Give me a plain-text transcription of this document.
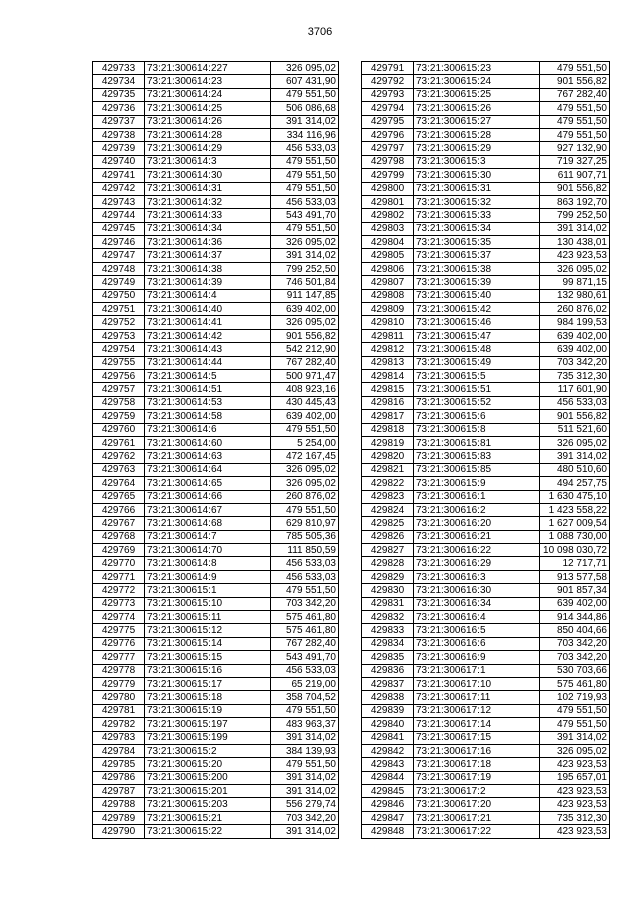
3706
429733	73:21:300614:227	326 095,02
429734	73:21:300614:23	607 431,90
429735	73:21:300614:24	479 551,50
429736	73:21:300614:25	506 086,68
429737	73:21:300614:26	391 314,02
429738	73:21:300614:28	334 116,96
429739	73:21:300614:29	456 533,03
429740	73:21:300614:3	479 551,50
429741	73:21:300614:30	479 551,50
429742	73:21:300614:31	479 551,50
429743	73:21:300614:32	456 533,03
429744	73:21:300614:33	543 491,70
429745	73:21:300614:34	479 551,50
429746	73:21:300614:36	326 095,02
429747	73:21:300614:37	391 314,02
429748	73:21:300614:38	799 252,50
429749	73:21:300614:39	746 501,84
429750	73:21:300614:4	911 147,85
429751	73:21:300614:40	639 402,00
429752	73:21:300614:41	326 095,02
429753	73:21:300614:42	901 556,82
429754	73:21:300614:43	542 212,90
429755	73:21:300614:44	767 282,40
429756	73:21:300614:5	500 971,47
429757	73:21:300614:51	408 923,16
429758	73:21:300614:53	430 445,43
429759	73:21:300614:58	639 402,00
429760	73:21:300614:6	479 551,50
429761	73:21:300614:60	5 254,00
429762	73:21:300614:63	472 167,45
429763	73:21:300614:64	326 095,02
429764	73:21:300614:65	326 095,02
429765	73:21:300614:66	260 876,02
429766	73:21:300614:67	479 551,50
429767	73:21:300614:68	629 810,97
429768	73:21:300614:7	785 505,36
429769	73:21:300614:70	111 850,59
429770	73:21:300614:8	456 533,03
429771	73:21:300614:9	456 533,03
429772	73:21:300615:1	479 551,50
429773	73:21:300615:10	703 342,20
429774	73:21:300615:11	575 461,80
429775	73:21:300615:12	575 461,80
429776	73:21:300615:14	767 282,40
429777	73:21:300615:15	543 491,70
429778	73:21:300615:16	456 533,03
429779	73:21:300615:17	65 219,00
429780	73:21:300615:18	358 704,52
429781	73:21:300615:19	479 551,50
429782	73:21:300615:197	483 963,37
429783	73:21:300615:199	391 314,02
429784	73:21:300615:2	384 139,93
429785	73:21:300615:20	479 551,50
429786	73:21:300615:200	391 314,02
429787	73:21:300615:201	391 314,02
429788	73:21:300615:203	556 279,74
429789	73:21:300615:21	703 342,20
429790	73:21:300615:22	391 314,02
429791	73:21:300615:23	479 551,50
429792	73:21:300615:24	901 556,82
429793	73:21:300615:25	767 282,40
429794	73:21:300615:26	479 551,50
429795	73:21:300615:27	479 551,50
429796	73:21:300615:28	479 551,50
429797	73:21:300615:29	927 132,90
429798	73:21:300615:3	719 327,25
429799	73:21:300615:30	611 907,71
429800	73:21:300615:31	901 556,82
429801	73:21:300615:32	863 192,70
429802	73:21:300615:33	799 252,50
429803	73:21:300615:34	391 314,02
429804	73:21:300615:35	130 438,01
429805	73:21:300615:37	423 923,53
429806	73:21:300615:38	326 095,02
429807	73:21:300615:39	99 871,15
429808	73:21:300615:40	132 980,61
429809	73:21:300615:42	260 876,02
429810	73:21:300615:46	984 199,53
429811	73:21:300615:47	639 402,00
429812	73:21:300615:48	639 402,00
429813	73:21:300615:49	703 342,20
429814	73:21:300615:5	735 312,30
429815	73:21:300615:51	117 601,90
429816	73:21:300615:52	456 533,03
429817	73:21:300615:6	901 556,82
429818	73:21:300615:8	511 521,60
429819	73:21:300615:81	326 095,02
429820	73:21:300615:83	391 314,02
429821	73:21:300615:85	480 510,60
429822	73:21:300615:9	494 257,75
429823	73:21:300616:1	1 630 475,10
429824	73:21:300616:2	1 423 558,22
429825	73:21:300616:20	1 627 009,54
429826	73:21:300616:21	1 088 730,00
429827	73:21:300616:22	10 098 030,72
429828	73:21:300616:29	12 717,71
429829	73:21:300616:3	913 577,58
429830	73:21:300616:30	901 857,34
429831	73:21:300616:34	639 402,00
429832	73:21:300616:4	914 344,86
429833	73:21:300616:5	850 404,66
429834	73:21:300616:6	703 342,20
429835	73:21:300616:9	703 342,20
429836	73:21:300617:1	530 703,66
429837	73:21:300617:10	575 461,80
429838	73:21:300617:11	102 719,93
429839	73:21:300617:12	479 551,50
429840	73:21:300617:14	479 551,50
429841	73:21:300617:15	391 314,02
429842	73:21:300617:16	326 095,02
429843	73:21:300617:18	423 923,53
429844	73:21:300617:19	195 657,01
429845	73:21:300617:2	423 923,53
429846	73:21:300617:20	423 923,53
429847	73:21:300617:21	735 312,30
429848	73:21:300617:22	423 923,53
